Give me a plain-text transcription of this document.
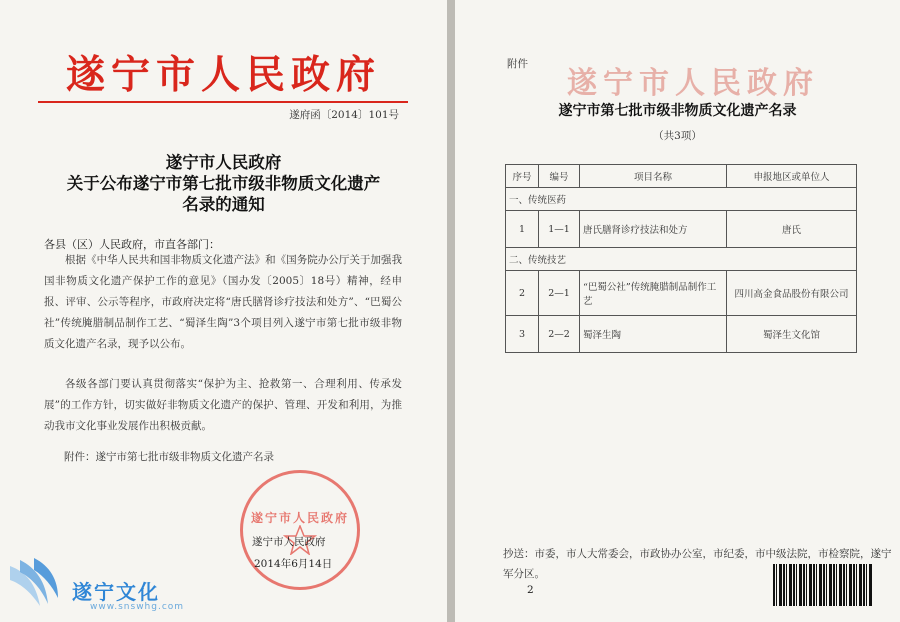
遂宁市人民政府
遂府函〔2014〕101号
遂宁市人民政府
关于公布遂宁市第七批市级非物质文化遗产
名录的通知
各县（区）人民政府，市直各部门：
根据《中华人民共和国非物质文化遗产法》和《国务院办公厅关于加强我国非物质文化遗产保护工作的意见》（国办发〔2005〕18号）精神，经申报、评审、公示等程序，市政府决定将“唐氏膳肾诊疗技法和处方”、“巴蜀公社”传统腌腊制品制作工艺、“蜀泽生陶”3个项目列入遂宁市第七批市级非物质文化遗产名录，现予以公布。
各级各部门要认真贯彻落实“保护为主、抢救第一、合理利用、传承发展”的工作方针，切实做好非物质文化遗产的保护、管理、开发和利用，为推动我市文化事业发展作出积极贡献。
附件：遂宁市第七批市级非物质文化遗产名录
遂宁市人民政府
遂宁市人民政府
2014年6月14日
遂宁文化
www.snswhg.com
遂宁市人民政府
附件
遂宁市第七批市级非物质文化遗产名录
（共3项）
序号	编号	项目名称	申报地区或单位人
一、传统医药			
1	1—1	唐氏膳肾诊疗技法和处方	唐氏
二、传统技艺			
2	2—1	“巴蜀公社”传统腌腊制品制作工艺	四川高金食品股份有限公司
3	2—2	蜀泽生陶	蜀泽生文化馆
抄送：市委，市人大常委会，市政协办公室，市纪委，市中级法院，市检察院，遂宁军分区。
2
